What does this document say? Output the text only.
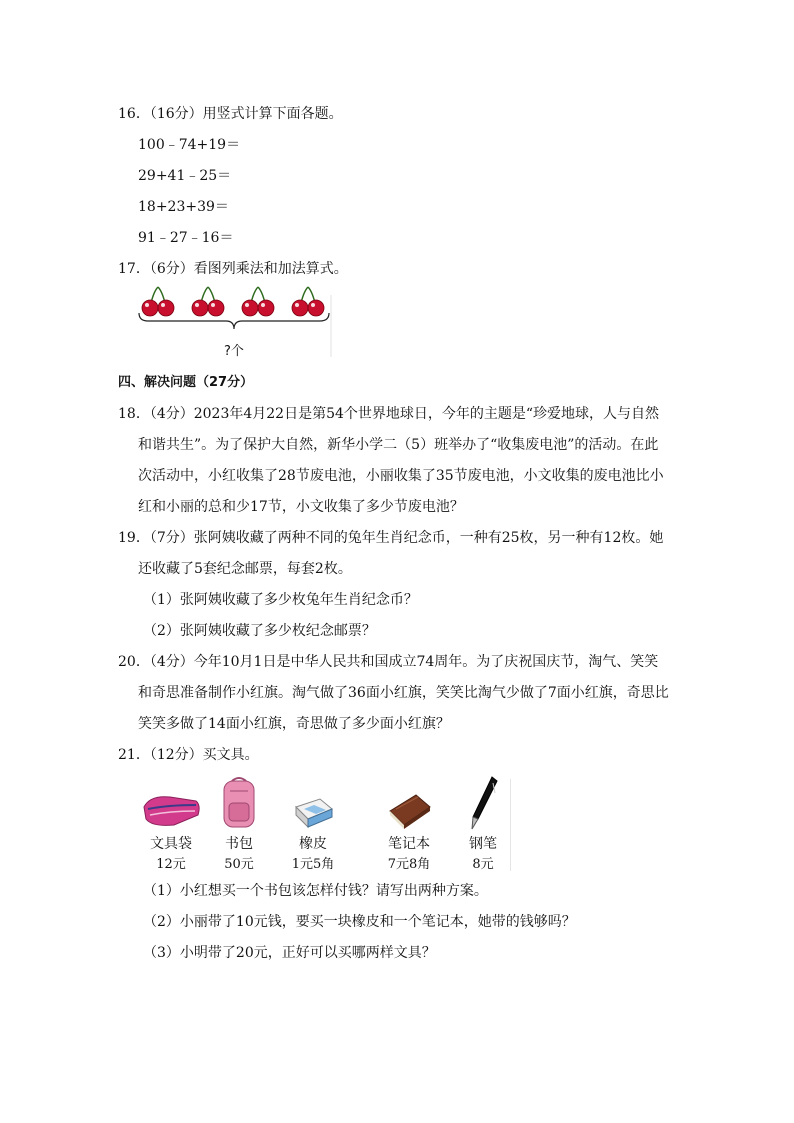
16．（16分）用竖式计算下面各题。
100﹣74+19＝
29+41﹣25＝
18+23+39＝
91﹣27﹣16＝
17．（6分）看图列乘法和加法算式。
?个
四、解决问题（27分）
18．（4分）2023年4月22日是第54个世界地球日，今年的主题是“珍爱地球，人与自然
和谐共生”。为了保护大自然，新华小学二（5）班举办了“收集废电池”的活动。在此
次活动中，小红收集了28节废电池，小丽收集了35节废电池，小文收集的废电池比小
红和小丽的总和少17节，小文收集了多少节废电池？
19．（7分）张阿姨收藏了两种不同的兔年生肖纪念币，一种有25枚，另一种有12枚。她
还收藏了5套纪念邮票，每套2枚。
（1）张阿姨收藏了多少枚兔年生肖纪念币？
（2）张阿姨收藏了多少枚纪念邮票？
20．（4分）今年10月1日是中华人民共和国成立74周年。为了庆祝国庆节，淘气、笑笑
和奇思准备制作小红旗。淘气做了36面小红旗，笑笑比淘气少做了7面小红旗，奇思比
笑笑多做了14面小红旗，奇思做了多少面小红旗？
21．（12分）买文具。
文具袋
12元
书包
50元
橡皮
1元5角
笔记本
7元8角
钢笔
8元
（1）小红想买一个书包该怎样付钱？请写出两种方案。
（2）小丽带了10元钱，要买一块橡皮和一个笔记本，她带的钱够吗？
（3）小明带了20元，正好可以买哪两样文具？
